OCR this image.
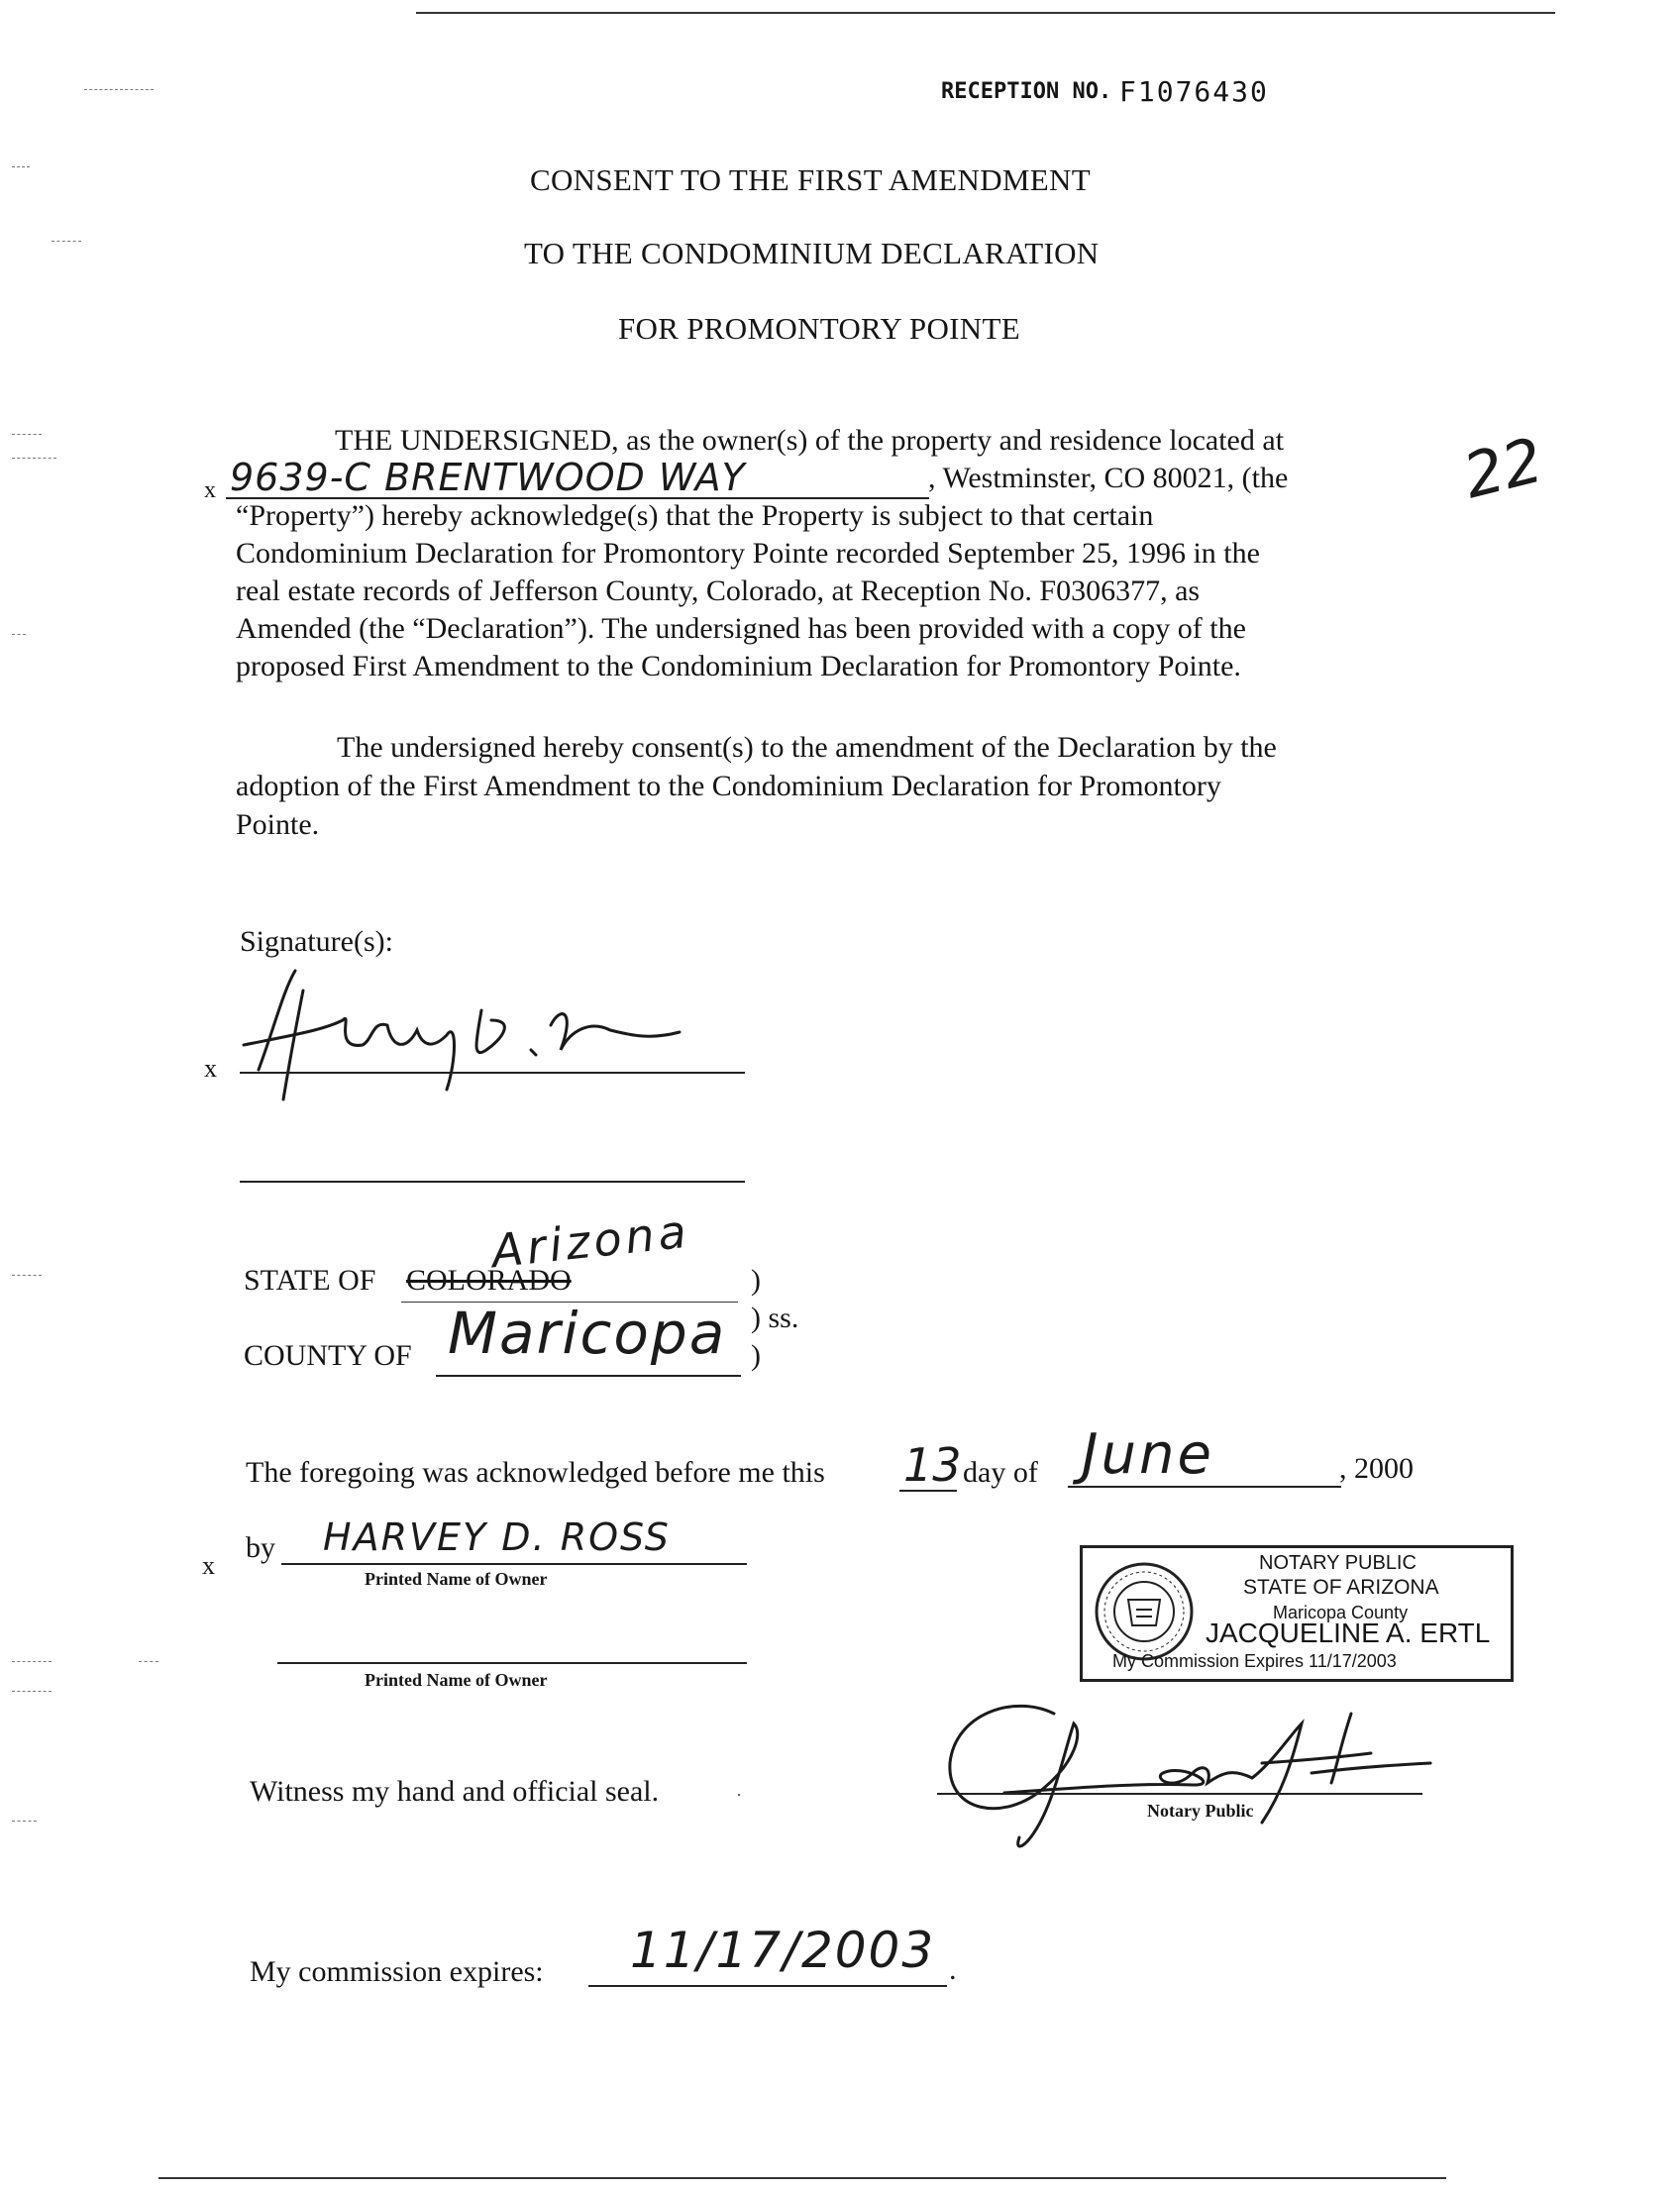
RECEPTION NO. F1076430
CONSENT TO THE FIRST AMENDMENT
TO THE CONDOMINIUM DECLARATION
FOR PROMONTORY POINTE
22
THE UNDERSIGNED, as the owner(s) of the property and residence located at
x 9639-C BRENTWOOD WAY	, Westminster, CO 80021, (the
“Property”) hereby acknowledge(s) that the Property is subject to that certain
Condominium Declaration for Promontory Pointe recorded September 25, 1996 in the
real estate records of Jefferson County, Colorado, at Reception No. F0306377, as
Amended (the “Declaration”). The undersigned has been provided with a copy of the
proposed First Amendment to the Condominium Declaration for Promontory Pointe.
The undersigned hereby consent(s) to the amendment of the Declaration by the
adoption of the First Amendment to the Condominium Declaration for Promontory
Pointe.
Signature(s):
x
STATE OF COLORADO
Arizona
)
) ss.
COUNTY OF Maricopa )
The foregoing was acknowledged before me this 13 day of June	, 2000
x
by HARVEY D. ROSS
Printed Name of Owner
Printed Name of Owner
NOTARY PUBLIC
STATE OF ARIZONA
Maricopa County
JACQUELINE A. ERTL
My Commission Expires 11/17/2003
Witness my hand and official seal.	.
Notary Public
My commission expires: 11/17/2003 .
